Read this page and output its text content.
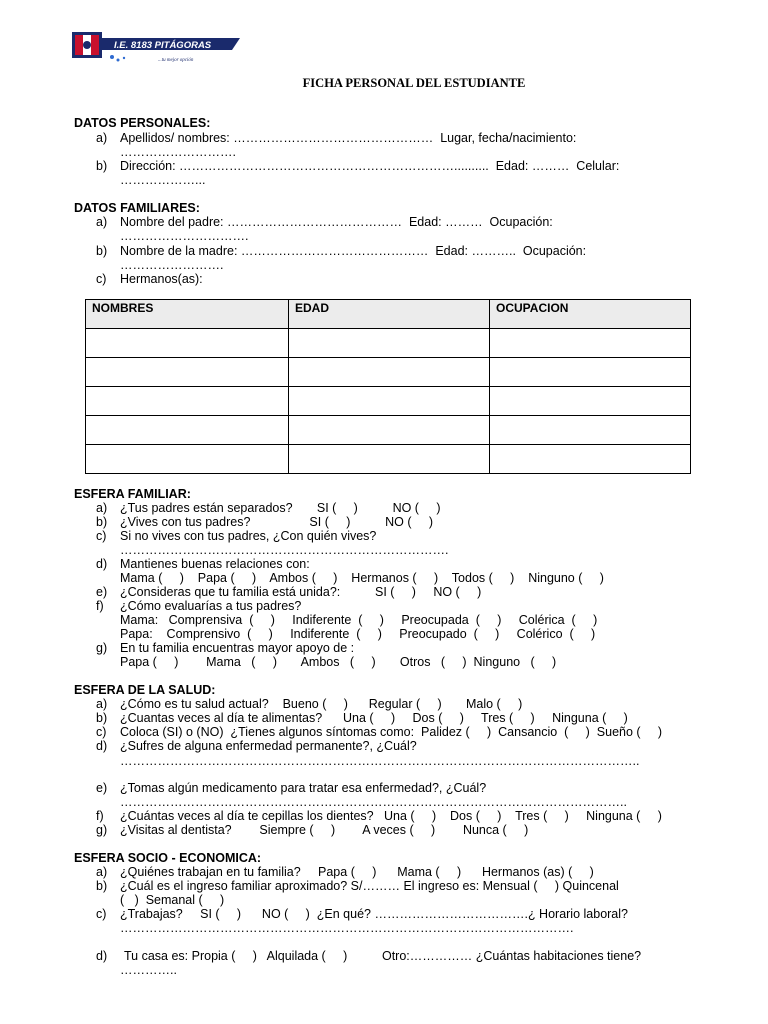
I.E. 8183 PITÁGORAS
...tu mejor opción
FICHA PERSONAL DEL ESTUDIANTE
DATOS PERSONALES:
a) Apellidos/ nombres: …………………………………………  Lugar, fecha/nacimiento:
……………………….
b) Dirección: …………………………………………………………..........  Edad: ………  Celular:
………………...
DATOS FAMILIARES:
a) Nombre del padre: ……………………………………  Edad: ………  Ocupación:
………………………….
b) Nombre de la madre: ………………………………………  Edad: ………..  Ocupación:
…………………….
c) Hermanos(as):
NOMBRES	EDAD	OCUPACION

ESFERA FAMILIAR:
a) ¿Tus padres están separados?       SI (     )          NO (     )
b) ¿Vives con tus padres?                 SI (     )          NO (     )
c) Si no vives con tus padres, ¿Con quién vives?
…………………………………………………………………….
d) Mantienes buenas relaciones con:
Mama (     )    Papa (     )    Ambos (     )    Hermanos (     )    Todos (     )    Ninguno (     )
e) ¿Consideras que tu familia está unida?:          SI (     )     NO (     )
f) ¿Cómo evaluarías a tus padres?
Mama:   Comprensiva  (     )     Indiferente  (     )     Preocupada  (     )     Colérica  (     )
Papa:    Comprensivo  (     )     Indiferente  (     )     Preocupado  (     )     Colérico  (     )
g) En tu familia encuentras mayor apoyo de :
Papa (     )        Mama   (     )       Ambos   (     )       Otros   (     )  Ninguno   (     )
ESFERA DE LA SALUD:
a) ¿Cómo es tu salud actual?    Bueno (     )      Regular (     )       Malo (     )
b) ¿Cuantas veces al día te alimentas?      Una (     )     Dos (     )     Tres (     )     Ninguna (     )
c) Coloca (SI) o (NO)  ¿Tienes algunos síntomas como:  Palidez (     )  Cansancio  (     )  Sueño (     )
d) ¿Sufres de alguna enfermedad permanente?, ¿Cuál?
……………………………………………………………………………………………………………..
e) ¿Tomas algún medicamento para tratar esa enfermedad?, ¿Cuál?
…………………………………………………………………………………………………………..
f) ¿Cuántas veces al día te cepillas los dientes?   Una (     )    Dos (     )    Tres (     )     Ninguna (     )
g) ¿Visitas al dentista?        Siempre (     )        A veces (     )        Nunca (     )
ESFERA SOCIO - ECONOMICA:
a) ¿Quiénes trabajan en tu familia?     Papa (     )      Mama (     )      Hermanos (as) (     )
b) ¿Cuál es el ingreso familiar aproximado? S/……… El ingreso es: Mensual (     ) Quincenal
(   )  Semanal (     )
c) ¿Trabajas?     SI (     )      NO (     )  ¿En qué? ……………………………….¿ Horario laboral?
……………………………………………………………………………………………….
d) Tu casa es: Propia (     )   Alquilada (     )          Otro:…………… ¿Cuántas habitaciones tiene?
…………..
